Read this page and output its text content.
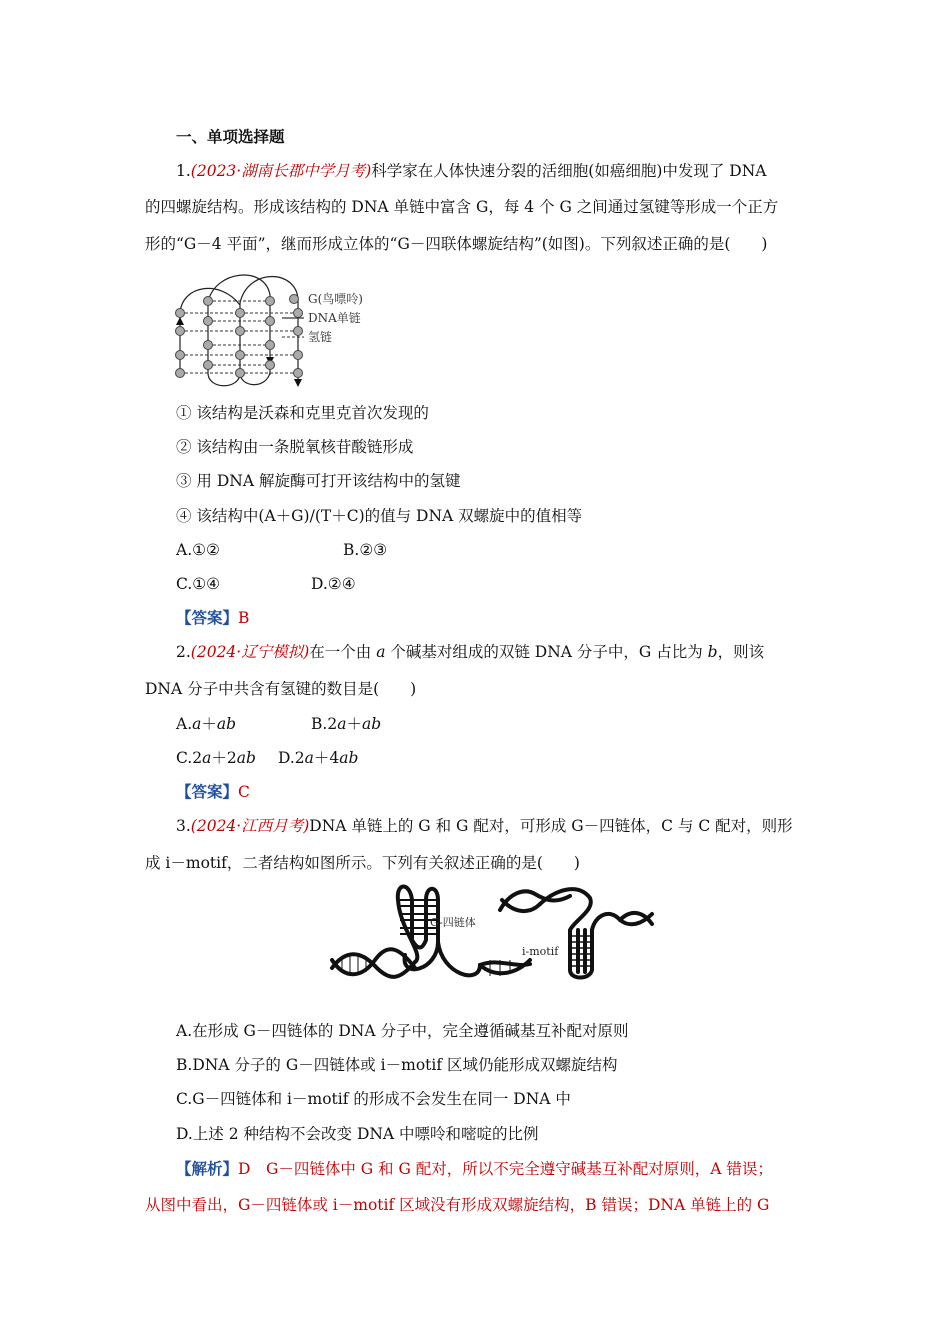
一、单项选择题
1.(2023·湖南长郡中学月考)科学家在人体快速分裂的活细胞(如癌细胞)中发现了 DNA
的四螺旋结构。形成该结构的 DNA 单链中富含 G，每 4 个 G 之间通过氢键等形成一个正方
形的“G－4 平面”，继而形成立体的“G－四联体螺旋结构”(如图)。下列叙述正确的是(　　)
G(鸟嘌呤)
DNA单链
氢链
① 该结构是沃森和克里克首次发现的
② 该结构由一条脱氧核苷酸链形成
③ 用 DNA 解旋酶可打开该结构中的氢键
④ 该结构中(A＋G)/(T＋C)的值与 DNA 双螺旋中的值相等
A.①②	B.②③
C.①④	D.②④
【答案】B
2.(2024·辽宁模拟)在一个由 a 个碱基对组成的双链 DNA 分子中，G 占比为 b，则该
DNA 分子中共含有氢键的数目是(　　)
A.a＋ab	B.2a＋ab
C.2a＋2ab D.2a＋4ab
【答案】C
3.(2024·江西月考)DNA 单链上的 G 和 G 配对，可形成 G－四链体，C 与 C 配对，则形
成 i－motif，二者结构如图所示。下列有关叙述正确的是(　　)
G-四链体
i-motif
A.在形成 G－四链体的 DNA 分子中，完全遵循碱基互补配对原则
B.DNA 分子的 G－四链体或 i－motif 区域仍能形成双螺旋结构
C.G－四链体和 i－motif 的形成不会发生在同一 DNA 中
D.上述 2 种结构不会改变 DNA 中嘌呤和嘧啶的比例
【解析】D　G－四链体中 G 和 G 配对，所以不完全遵守碱基互补配对原则，A 错误；
从图中看出，G－四链体或 i－motif 区域没有形成双螺旋结构，B 错误；DNA 单链上的 G
